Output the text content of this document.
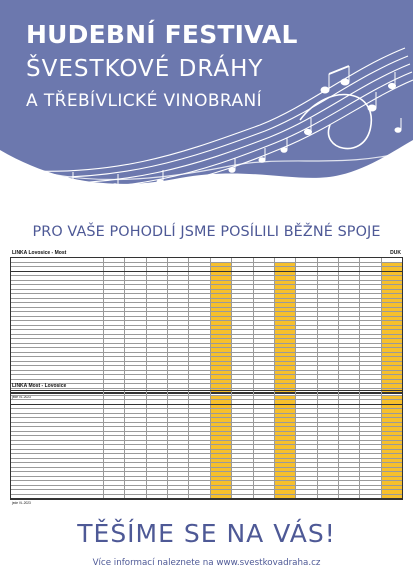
HUDEBNÍ FESTIVAL
ŠVESTKOVÉ DRÁHY
A TŘEBÍVLICKÉ VINOBRANÍ
PRO VAŠE POHODLÍ JSME POSÍLILI BĚŽNÉ SPOJE
LINKA Lovosice - Most	DUK
jede VL.2023
LINKA Most - Lovosice
jede VL.2023
TĚŠÍME SE NA VÁS!
Více informací naleznete na www.svestkovadraha.cz
